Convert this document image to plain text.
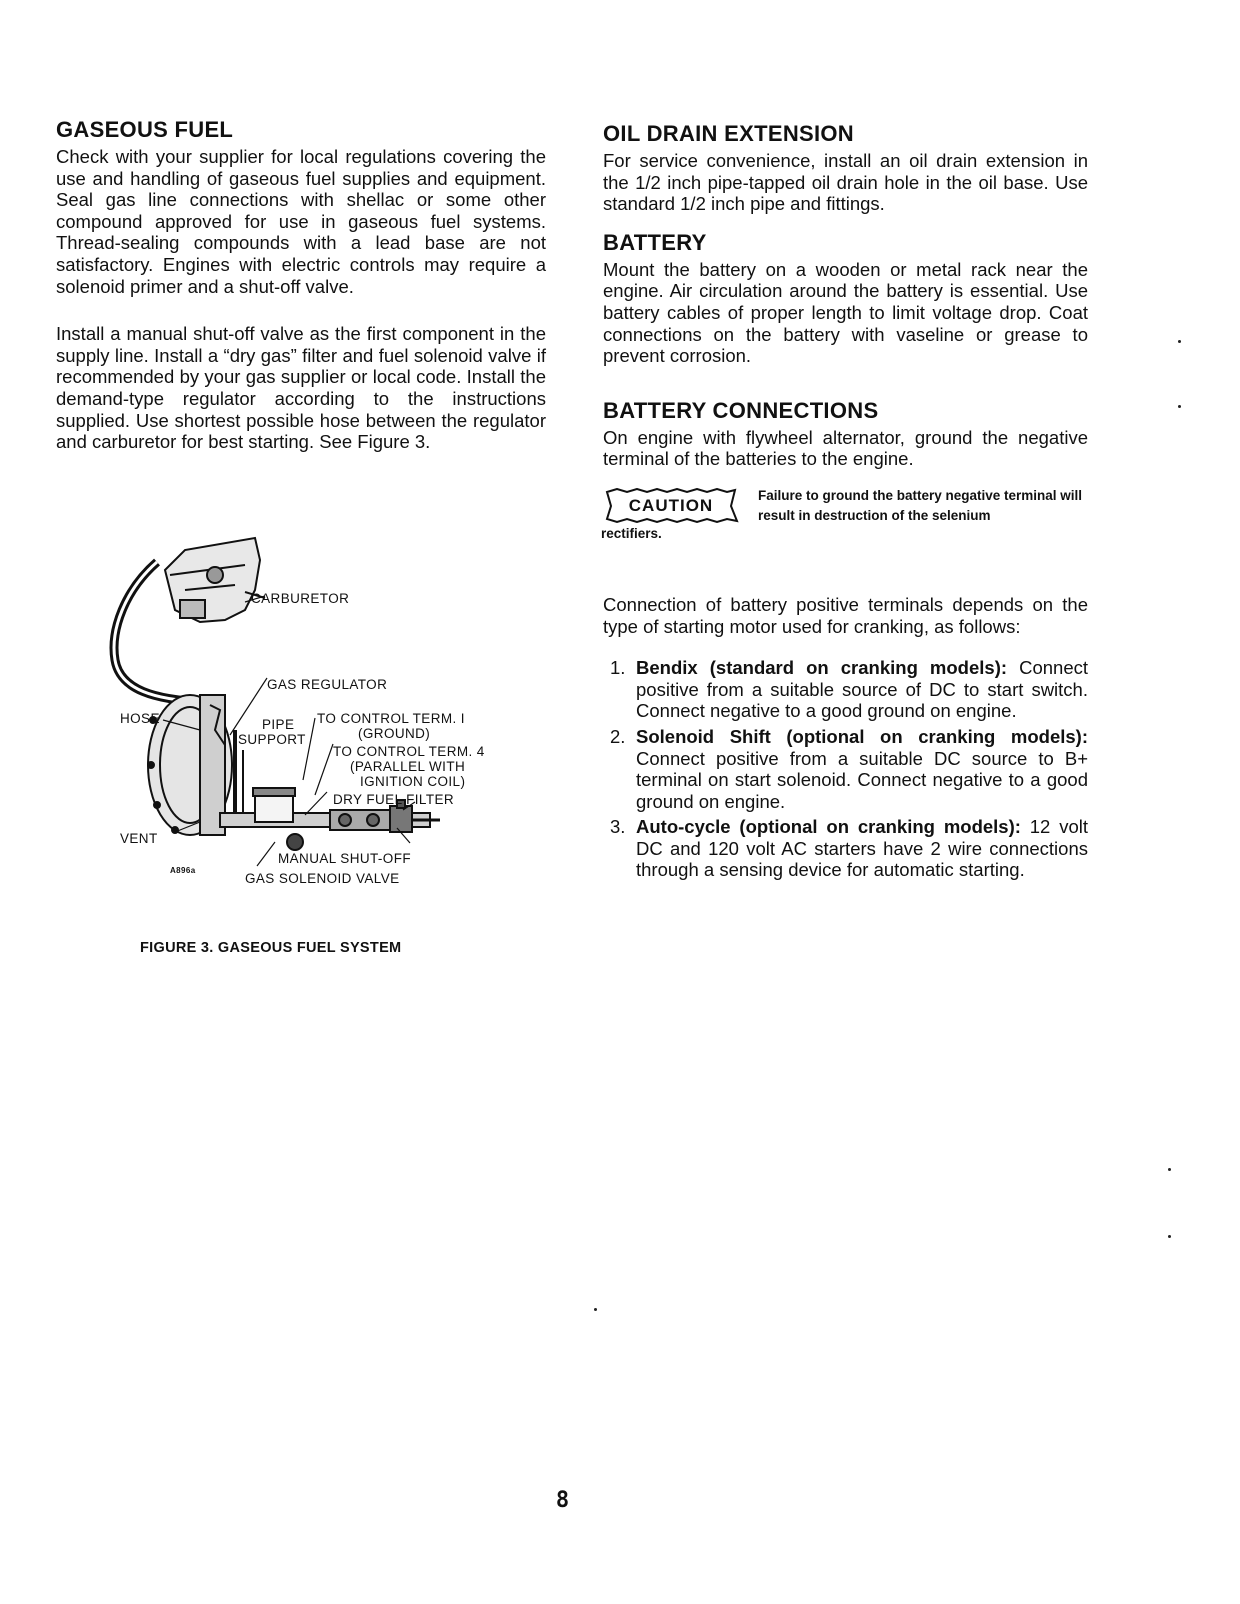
GASEOUS FUEL

Check with your supplier for local regulations covering the use and handling of gaseous fuel supplies and equipment. Seal gas line connections with shellac or some other compound approved for use in gaseous fuel systems. Thread-sealing compounds with a lead base are not satisfactory. Engines with electric controls may require a solenoid primer and a shut-off valve.

Install a manual shut-off valve as the first component in the supply line. Install a “dry gas” filter and fuel solenoid valve if recommended by your gas supplier or local code. Install the demand-type regulator according to the instructions supplied. Use shortest possible hose between the regulator and carburetor for best starting. See Figure 3.

CARBURETOR
GAS REGULATOR
HOSE	PIPE
SUPPORT
TO CONTROL TERM. I
(GROUND)
TO CONTROL TERM. 4
(PARALLEL WITH
IGNITION COIL)
DRY FUEL FILTER
VENT
A896a
MANUAL SHUT-OFF
GAS SOLENOID VALVE
FIGURE 3. GASEOUS FUEL SYSTEM
OIL DRAIN EXTENSION

For service convenience, install an oil drain extension in the 1/2 inch pipe-tapped oil drain hole in the oil base. Use standard 1/2 inch pipe and fittings.

BATTERY

Mount the battery on a wooden or metal rack near the engine. Air circulation around the battery is essential. Use battery cables of proper length to limit voltage drop. Coat connections on the battery with vaseline or grease to prevent corrosion.

BATTERY CONNECTIONS

On engine with flywheel alternator, ground the negative terminal of the batteries to the engine.

CAUTION
Failure to ground the battery negative terminal will result in destruction of the selenium
rectifiers.

Connection of battery positive terminals depends on the type of starting motor used for cranking, as follows:

1. Bendix (standard on cranking models): Connect positive from a suitable source of DC to start switch. Connect negative to a good ground on engine.
2. Solenoid Shift (optional on cranking models): Connect positive from a suitable DC source to B+ terminal on start solenoid. Connect negative to a good ground on engine.
3. Auto-cycle (optional on cranking models): 12 volt DC and 120 volt AC starters have 2 wire connections through a sensing device for automatic starting.
8
